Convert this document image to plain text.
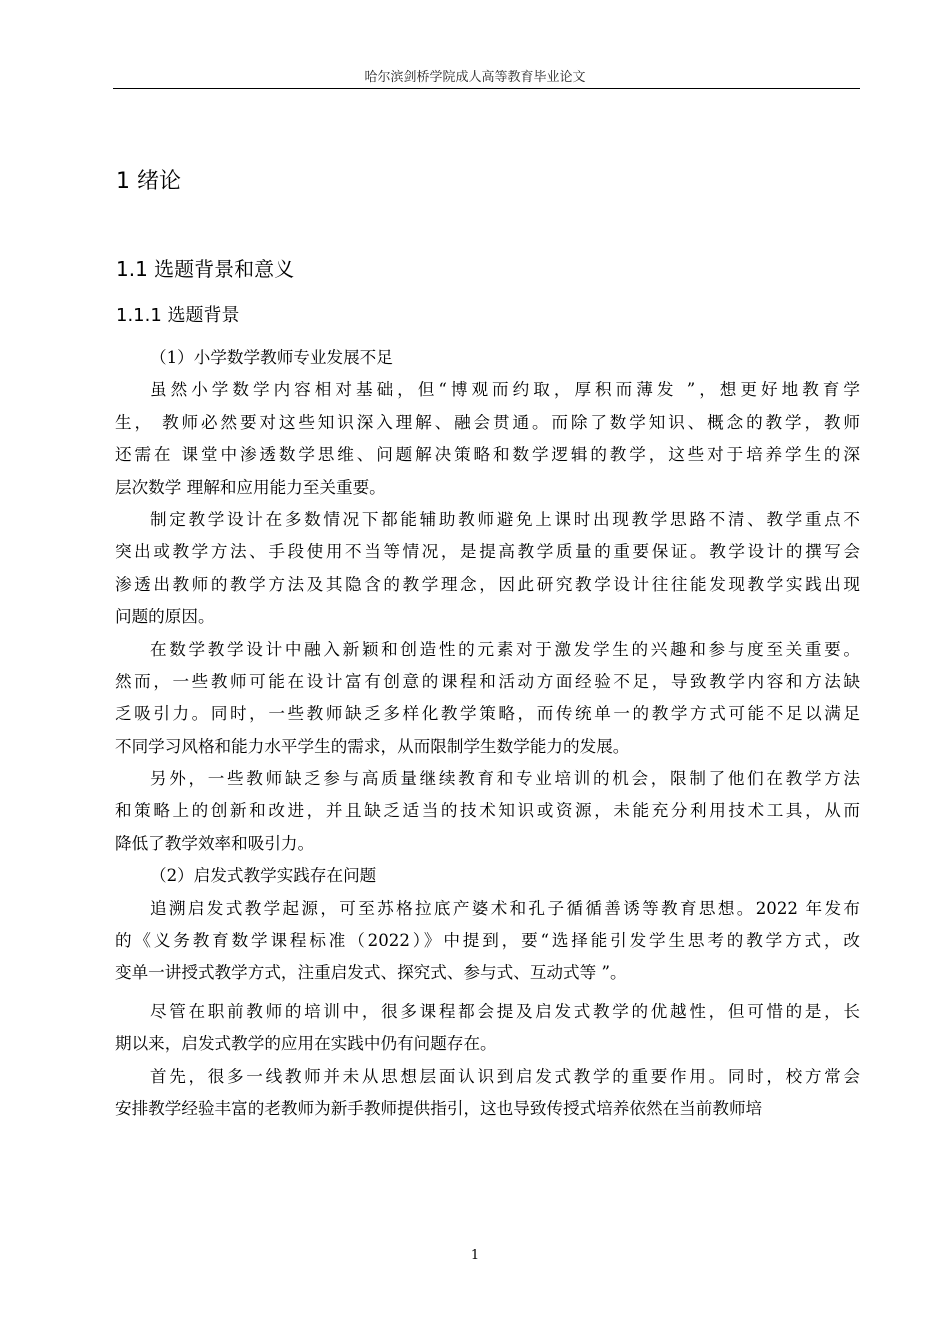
哈尔滨剑桥学院成人高等教育毕业论文
1 绪论
1.1 选题背景和意义
1.1.1 选题背景
（1）小学数学教师专业发展不足
虽然小学数学内容相对基础，但“博观而约取，厚积而薄发 ”，想更好地教育学
生， 教师必然要对这些知识深入理解、融会贯通。而除了数学知识、概念的教学，教师
还需在 课堂中渗透数学思维、问题解决策略和数学逻辑的教学，这些对于培养学生的深
层次数学 理解和应用能力至关重要。
制定教学设计在多数情况下都能辅助教师避免上课时出现教学思路不清、教学重点不
突出或教学方法、手段使用不当等情况，是提高教学质量的重要保证。教学设计的撰写会
渗透出教师的教学方法及其隐含的教学理念，因此研究教学设计往往能发现教学实践出现
问题的原因。
在数学教学设计中融入新颖和创造性的元素对于激发学生的兴趣和参与度至关重要。
然而，一些教师可能在设计富有创意的课程和活动方面经验不足，导致教学内容和方法缺
乏吸引力。同时，一些教师缺乏多样化教学策略，而传统单一的教学方式可能不足以满足
不同学习风格和能力水平学生的需求，从而限制学生数学能力的发展。
另外，一些教师缺乏参与高质量继续教育和专业培训的机会，限制了他们在教学方法
和策略上的创新和改进，并且缺乏适当的技术知识或资源，未能充分利用技术工具，从而
降低了教学效率和吸引力。
（2）启发式教学实践存在问题
追溯启发式教学起源，可至苏格拉底产婆术和孔子循循善诱等教育思想。2022 年发布
的《义务教育数学课程标准（2022）》中提到，要“选择能引发学生思考的教学方式，改
变单一讲授式教学方式，注重启发式、探究式、参与式、互动式等 ”。
尽管在职前教师的培训中，很多课程都会提及启发式教学的优越性，但可惜的是，长
期以来，启发式教学的应用在实践中仍有问题存在。
首先，很多一线教师并未从思想层面认识到启发式教学的重要作用。同时，校方常会
安排教学经验丰富的老教师为新手教师提供指引，这也导致传授式培养依然在当前教师培
1
